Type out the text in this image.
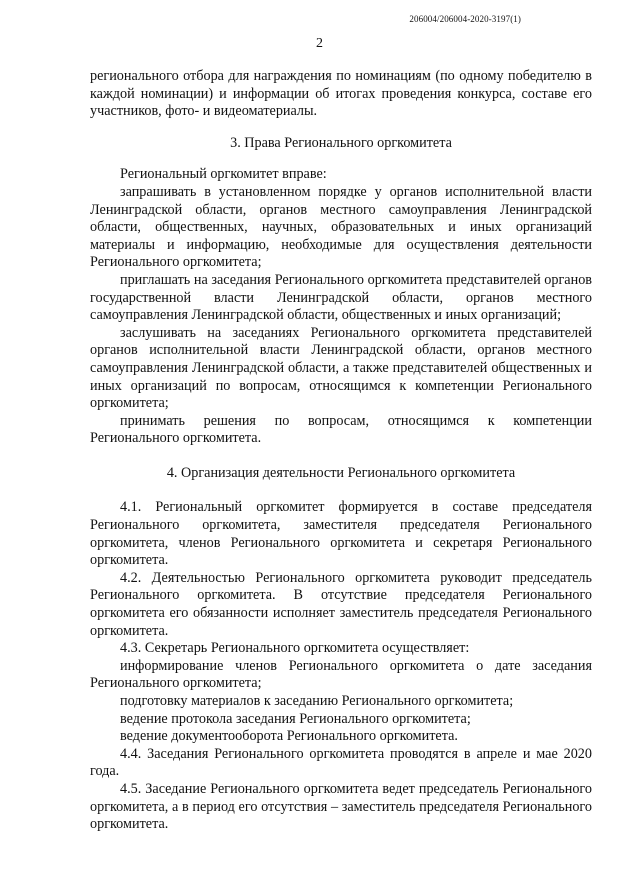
206004/206004-2020-3197(1)
2

регионального отбора для награждения по номинациям (по одному победителю в каждой номинации) и информации об итогах проведения конкурса, составе его участников, фото- и видеоматериалы.

3. Права Регионального оргкомитета

Региональный оргкомитет вправе:

запрашивать в установленном порядке у органов исполнительной власти Ленинградской области, органов местного самоуправления Ленинградской области, общественных, научных, образовательных и иных организаций материалы и информацию, необходимые для осуществления деятельности Регионального оргкомитета;

приглашать на заседания Регионального оргкомитета представителей органов государственной власти Ленинградской области, органов местного самоуправления Ленинградской области, общественных и иных организаций;

заслушивать на заседаниях Регионального оргкомитета представителей органов исполнительной власти Ленинградской области, органов местного самоуправления Ленинградской области, а также представителей общественных и иных организаций по вопросам, относящимся к компетенции Регионального оргкомитета;

принимать решения по вопросам, относящимся к компетенции Регионального оргкомитета.

4. Организация деятельности Регионального оргкомитета

4.1. Региональный оргкомитет формируется в составе председателя Регионального оргкомитета, заместителя председателя Регионального оргкомитета, членов Регионального оргкомитета и секретаря Регионального оргкомитета.

4.2. Деятельностью Регионального оргкомитета руководит председатель Регионального оргкомитета. В отсутствие председателя Регионального оргкомитета его обязанности исполняет заместитель председателя Регионального оргкомитета.

4.3. Секретарь Регионального оргкомитета осуществляет:

информирование членов Регионального оргкомитета о дате заседания Регионального оргкомитета;

подготовку материалов к заседанию Регионального оргкомитета;

ведение протокола заседания Регионального оргкомитета;

ведение документооборота Регионального оргкомитета.

4.4. Заседания Регионального оргкомитета проводятся в апреле и мае 2020 года.

4.5. Заседание Регионального оргкомитета ведет председатель Регионального оргкомитета, а в период его отсутствия – заместитель председателя Регионального оргкомитета.
